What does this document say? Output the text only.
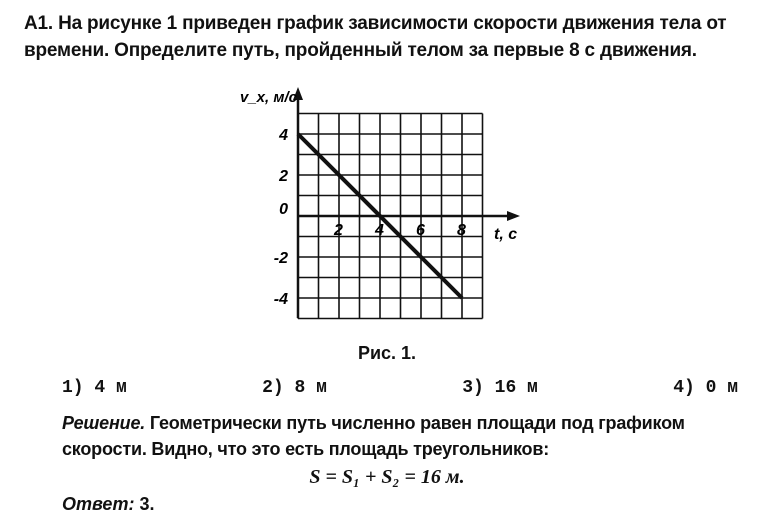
А1. На рисунке 1 приведен график зависимости скорости движения тела от времени. Определите путь, пройденный телом за первые 8 с движения.
2 4 6 8
4
2
0
-2
-4
v_x, м/с
t, с
Рис. 1.
1) 4 м	2) 8 м	3) 16 м	4) 0 м
Решение. Геометрически путь численно равен площади под графиком скорости. Видно, что это есть площадь треугольников:
S = S₁ + S₂ = 16 м.
Ответ: 3.
